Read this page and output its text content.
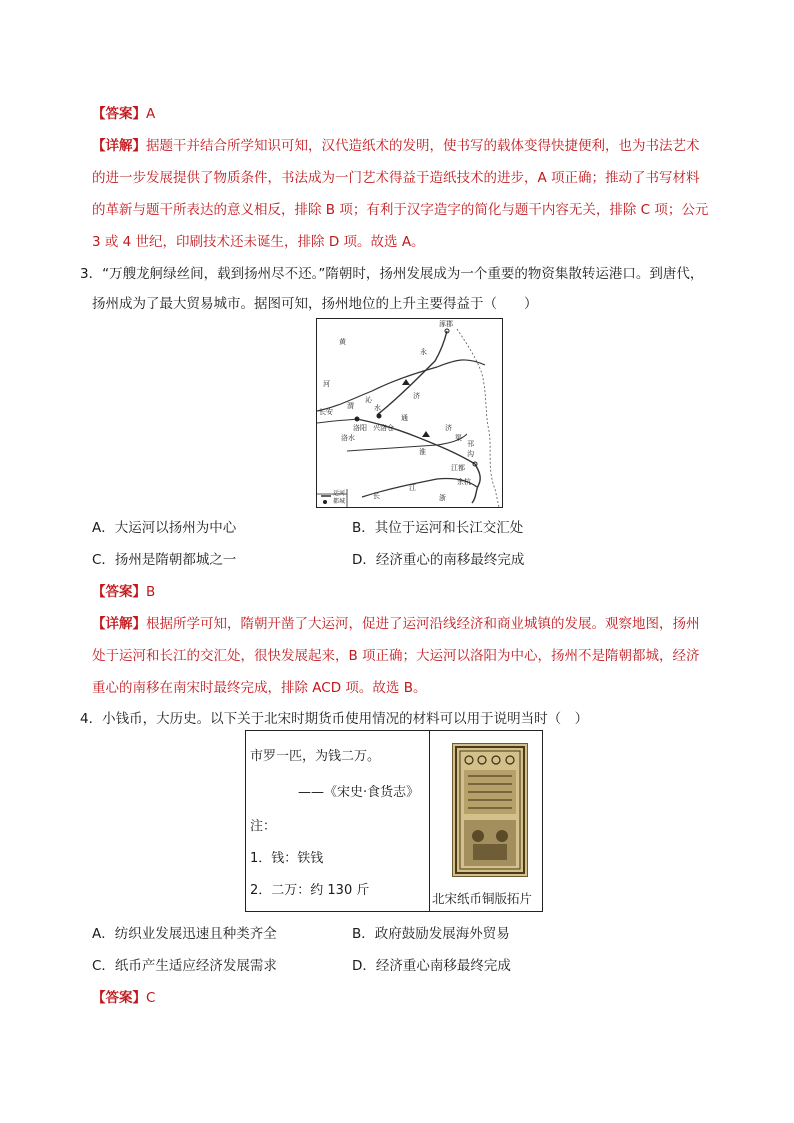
【答案】A
【详解】据题干并结合所学知识可知，汉代造纸术的发明，使书写的载体变得快捷便利，也为书法艺术
的进一步发展提供了物质条件，书法成为一门艺术得益于造纸技术的进步，A 项正确；推动了书写材料
的革新与题干所表达的意义相反，排除 B 项；有利于汉字造字的简化与题干内容无关，排除 C 项；公元
3 或 4 世纪，印刷技术还未诞生，排除 D 项。故选 A。
3．“万艘龙舸绿丝间，载到扬州尽不还。”隋朝时，扬州发展成为一个重要的物资集散转运港口。到唐代，
扬州成为了最大贸易城市。据图可知，扬州地位的上升主要得益于（　　）
涿郡
黄
河
永
济
沁
水
长安
洛阳 兴洛仓
通
渭
洛水
济
渠
邗
沟
淮
江都
余杭
长
江
浙
运河
都城
A．大运河以扬州为中心	B．其位于运河和长江交汇处
C．扬州是隋朝都城之一	D．经济重心的南移最终完成
【答案】B
【详解】根据所学可知，隋朝开凿了大运河，促进了运河沿线经济和商业城镇的发展。观察地图，扬州
处于运河和长江的交汇处，很快发展起来，B 项正确；大运河以洛阳为中心，扬州不是隋朝都城，经济
重心的南移在南宋时最终完成，排除 ACD 项。故选 B。
4．小钱币，大历史。以下关于北宋时期货币使用情况的材料可以用于说明当时（　）
市罗一匹，为钱二万。
——《宋史·食货志》
注：
1．钱：铁钱
2．二万：约 130 斤
北宋纸币铜版拓片
A．纺织业发展迅速且种类齐全	B．政府鼓励发展海外贸易
C．纸币产生适应经济发展需求	D．经济重心南移最终完成
【答案】C
